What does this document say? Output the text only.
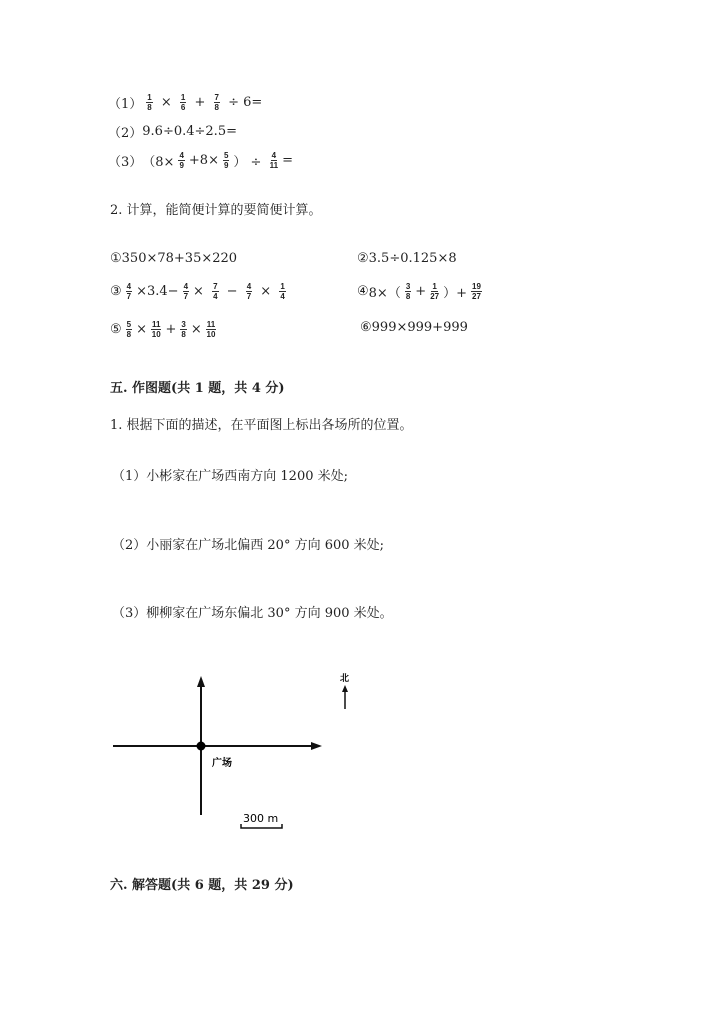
$(1) \frac{1}{8} \times \frac{1}{6} + \frac{7}{8} \div 6=$
（2） 9.6÷0.4÷2.5=
（3） （$8\times \frac{4}{9} +8\times \frac{5}{9}$ ） ÷ $\frac{4}{11}$ =
2. 计算，能简便计算的要简便计算。
① 350×78+35×220	② 3.5÷0.125×8
③ $\frac{4}{7} \times 3.4- \frac{4}{7} \times \frac{7}{4} - \frac{4}{7} \times \frac{1}{4}$	④ $8\times( \frac{3}{8} + \frac{1}{27}$ ）+ $\frac{19}{27}$
⑤ $\frac{5}{8} \times \frac{11}{10} + \frac{3}{8} \times \frac{11}{10}$	⑥ 999×999+999
五. 作图题(共 1 题，共 4 分)
1. 根据下面的描述，在平面图上标出各场所的位置。
（1）小彬家在广场西南方向 1200 米处;
（2）小丽家在广场北偏西 20° 方向 600 米处;
（3）柳柳家在广场东偏北 30° 方向 900 米处。
广场
北
300 m
六. 解答题(共 6 题，共 29 分)
